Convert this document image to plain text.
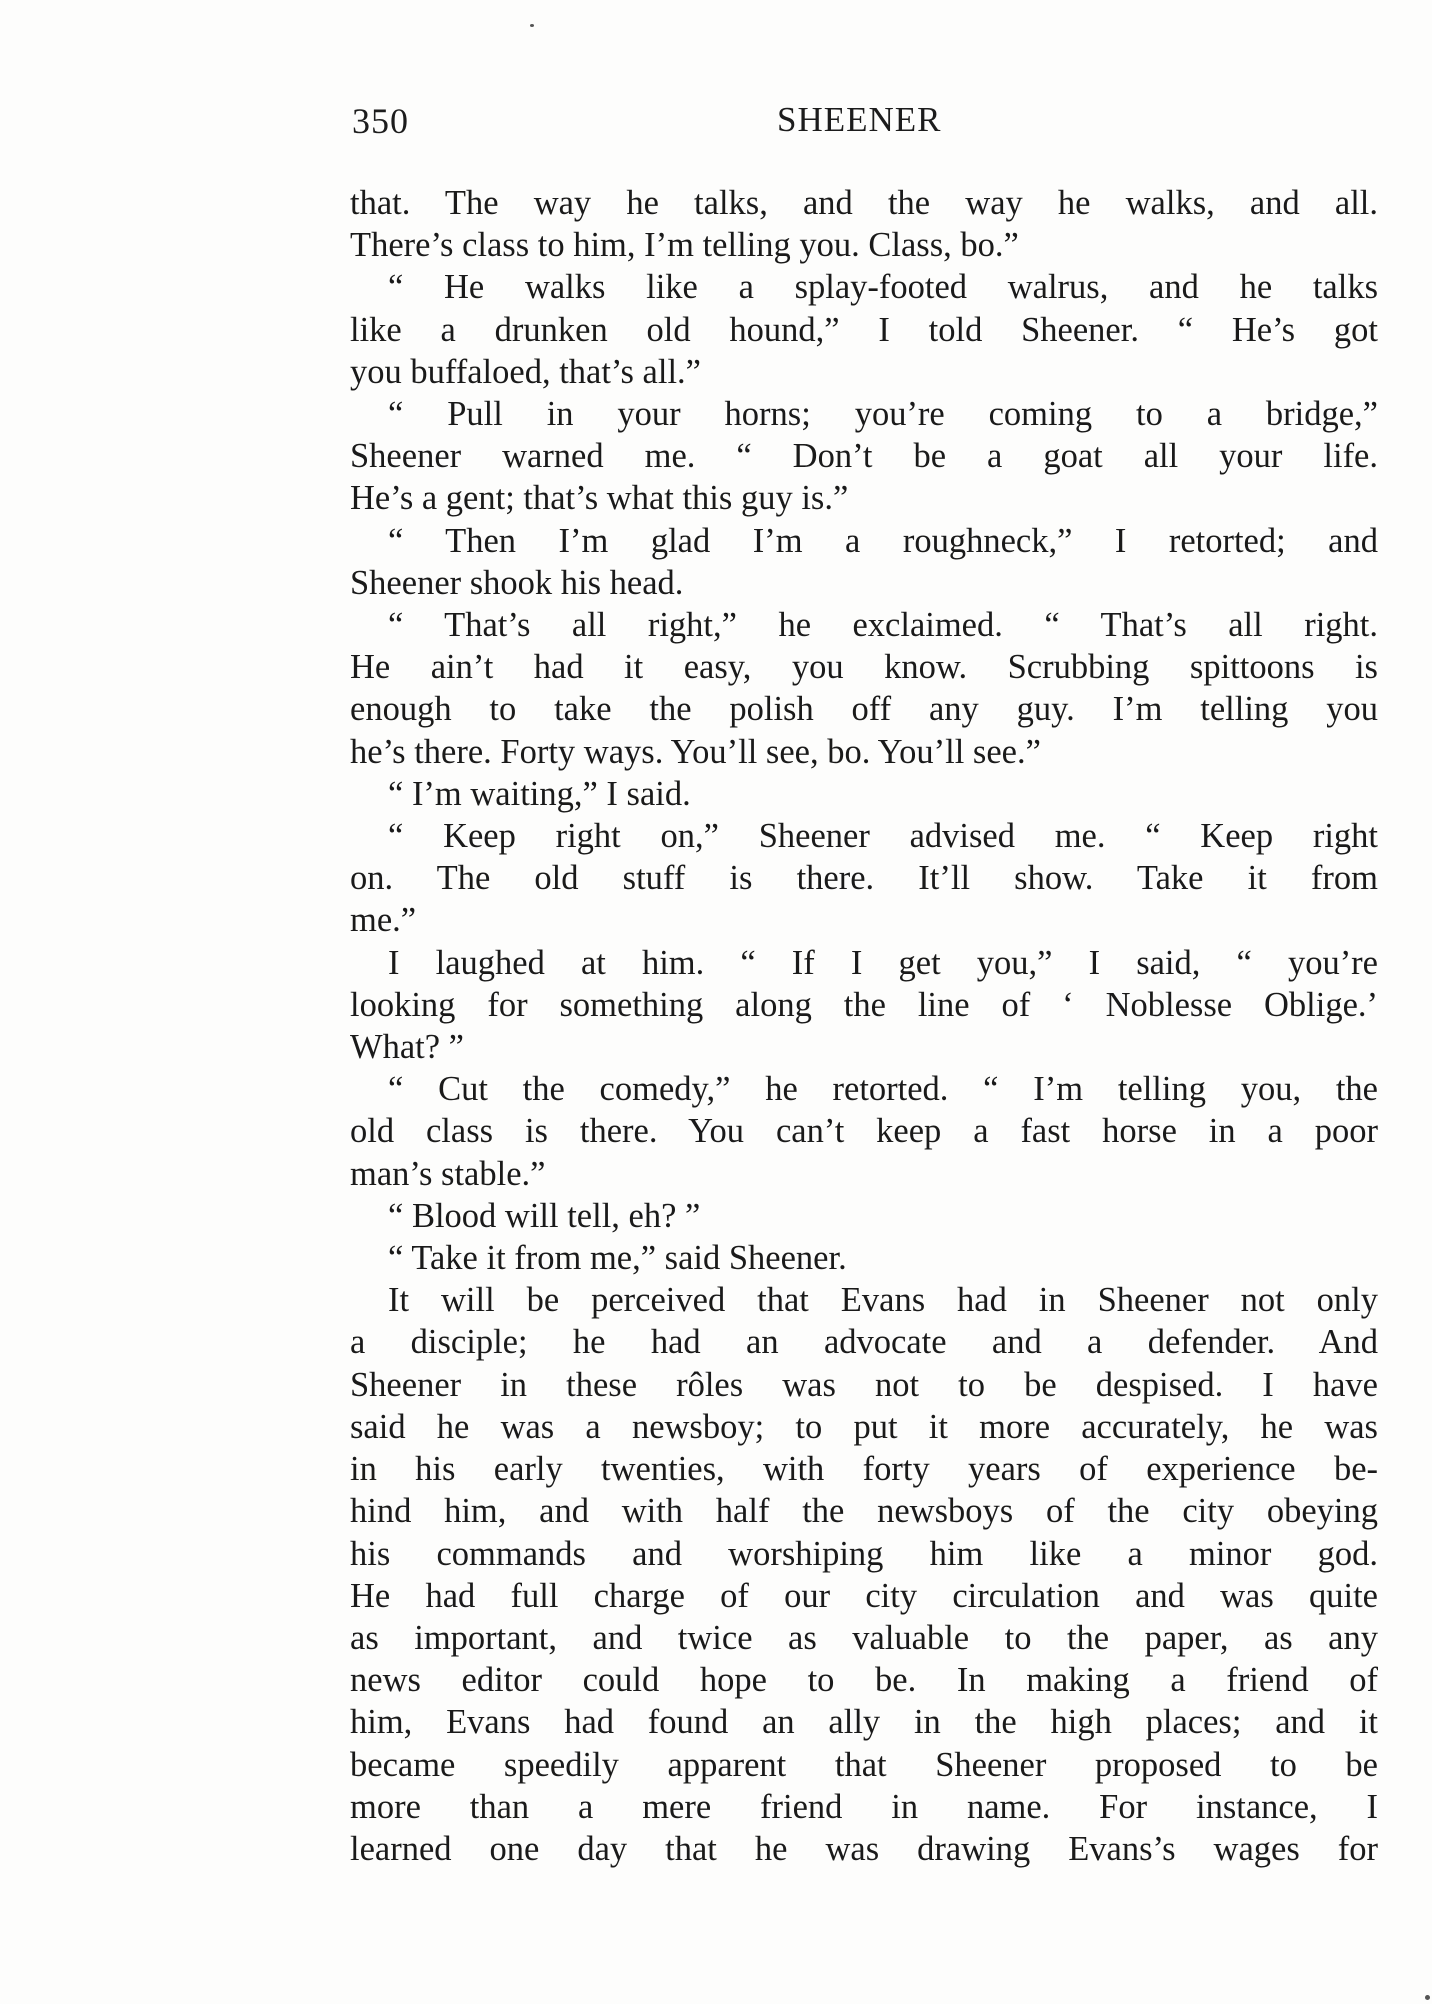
350	SHEENER
that. The way he talks, and the way he walks, and all.
There’s class to him, I’m telling you. Class, bo.”
“ He walks like a splay-footed walrus, and he talks
like a drunken old hound,” I told Sheener. “ He’s got
you buffaloed, that’s all.”
“ Pull in your horns; you’re coming to a bridge,”
Sheener warned me. “ Don’t be a goat all your life.
He’s a gent; that’s what this guy is.”
“ Then I’m glad I’m a roughneck,” I retorted; and
Sheener shook his head.
“ That’s all right,” he exclaimed. “ That’s all right.
He ain’t had it easy, you know. Scrubbing spittoons is
enough to take the polish off any guy. I’m telling you
he’s there. Forty ways. You’ll see, bo. You’ll see.”
“ I’m waiting,” I said.
“ Keep right on,” Sheener advised me. “ Keep right
on. The old stuff is there. It’ll show. Take it from
me.”
I laughed at him. “ If I get you,” I said, “ you’re
looking for something along the line of ‘ Noblesse Oblige.’
What? ”
“ Cut the comedy,” he retorted. “ I’m telling you, the
old class is there. You can’t keep a fast horse in a poor
man’s stable.”
“ Blood will tell, eh? ”
“ Take it from me,” said Sheener.
It will be perceived that Evans had in Sheener not only
a disciple; he had an advocate and a defender. And
Sheener in these rôles was not to be despised. I have
said he was a newsboy; to put it more accurately, he was
in his early twenties, with forty years of experience be-
hind him, and with half the newsboys of the city obeying
his commands and worshiping him like a minor god.
He had full charge of our city circulation and was quite
as important, and twice as valuable to the paper, as any
news editor could hope to be. In making a friend of
him, Evans had found an ally in the high places; and it
became speedily apparent that Sheener proposed to be
more than a mere friend in name. For instance, I
learned one day that he was drawing Evans’s wages for
